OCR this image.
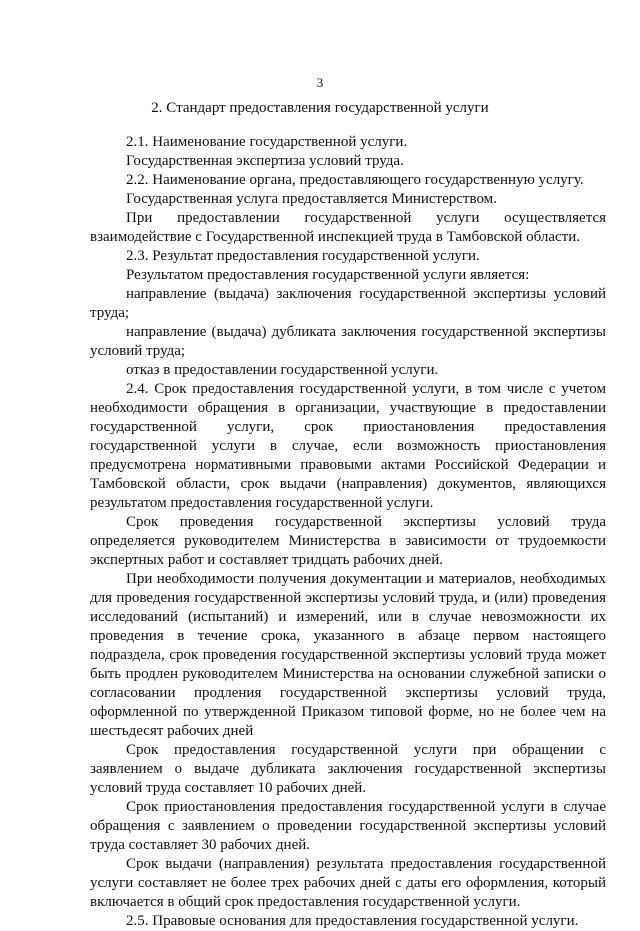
3
2. Стандарт предоставления государственной услуги

2.1. Наименование государственной услуги.

Государственная экспертиза условий труда.

2.2. Наименование органа, предоставляющего государственную услугу.

Государственная услуга предоставляется Министерством.

При предоставлении государственной услуги осуществляется взаимодействие с Государственной инспекцией труда в Тамбовской области.

2.3. Результат предоставления государственной услуги.

Результатом предоставления государственной услуги является:

направление (выдача) заключения государственной экспертизы условий труда;

направление (выдача) дубликата заключения государственной экспертизы условий труда;

отказ в предоставлении государственной услуги.

2.4. Срок предоставления государственной услуги, в том числе с учетом необходимости обращения в организации, участвующие в предоставлении государственной услуги, срок приостановления предоставления государственной услуги в случае, если возможность приостановления предусмотрена нормативными правовыми актами Российской Федерации и Тамбовской области, срок выдачи (направления) документов, являющихся результатом предоставления государственной услуги.

Срок проведения государственной экспертизы условий труда определяется руководителем Министерства в зависимости от трудоемкости экспертных работ и составляет тридцать рабочих дней.

При необходимости получения документации и материалов, необходимых для проведения государственной экспертизы условий труда, и (или) проведения исследований (испытаний) и измерений, или в случае невозможности их проведения в течение срока, указанного в абзаце первом настоящего подраздела, срок проведения государственной экспертизы условий труда может быть продлен руководителем Министерства на основании служебной записки о согласовании продления государственной экспертизы условий труда, оформленной по утвержденной Приказом типовой форме, но не более чем на шестьдесят рабочих дней

Срок предоставления государственной услуги при обращении с заявлением о выдаче дубликата заключения государственной экспертизы условий труда составляет 10 рабочих дней.

Срок приостановления предоставления государственной услуги в случае обращения с заявлением о проведении государственной экспертизы условий труда составляет 30 рабочих дней.

Срок выдачи (направления) результата предоставления государственной услуги составляет не более трех рабочих дней с даты его оформления, который включается в общий срок предоставления государственной услуги.

2.5. Правовые основания для предоставления государственной услуги.
